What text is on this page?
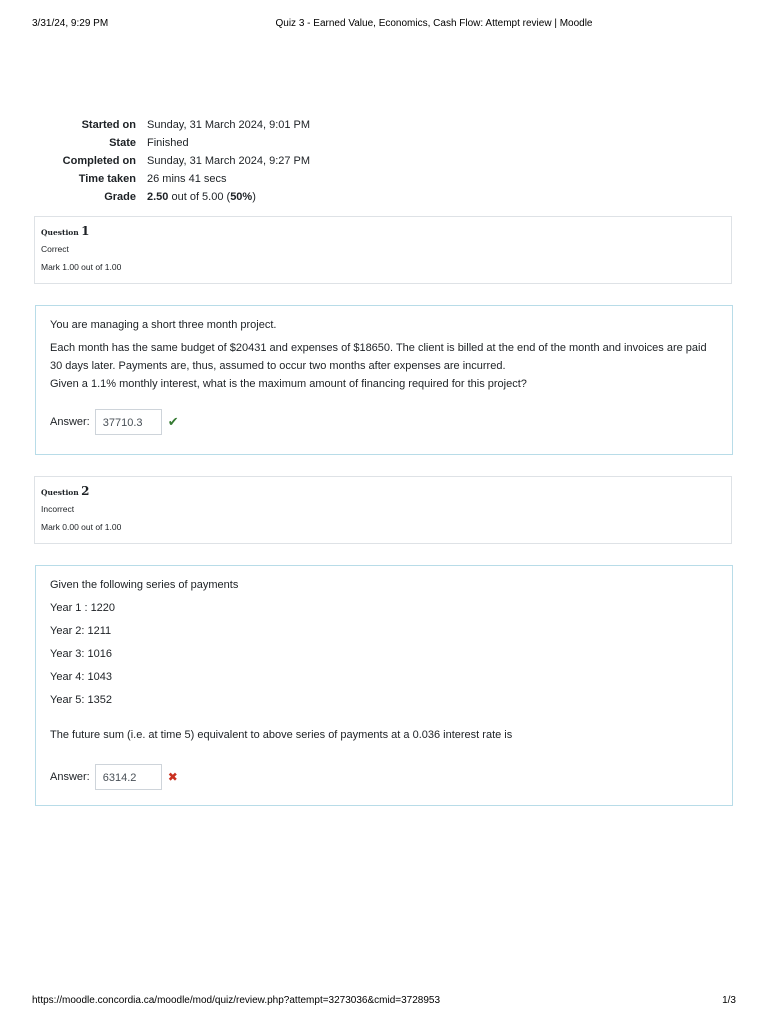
3/31/24, 9:29 PM	Quiz 3 - Earned Value, Economics, Cash Flow: Attempt review | Moodle
Started on	Sunday, 31 March 2024, 9:01 PM
State	Finished
Completed on	Sunday, 31 March 2024, 9:27 PM
Time taken	26 mins 41 secs
Grade	2.50 out of 5.00 (50%)
Question 1
Correct
Mark 1.00 out of 1.00

You are managing a short three month project.

Each month has the same budget of $20431 and expenses of $18650. The client is billed at the end of the month and invoices are paid 30 days later. Payments are, thus, assumed to occur two months after expenses are incurred.

Given a 1.1% monthly interest, what is the maximum amount of financing required for this project?

Answer:	37710.3	✔
Question 2
Incorrect
Mark 0.00 out of 1.00

Given the following series of payments

Year 1 : 1220

Year 2: 1211

Year 3: 1016

Year 4: 1043

Year 5: 1352

The future sum (i.e. at time 5) equivalent to above series of payments at a 0.036 interest rate is

Answer:	6314.2	✖
https://moodle.concordia.ca/moodle/mod/quiz/review.php?attempt=3273036&cmid=3728953	1/3
